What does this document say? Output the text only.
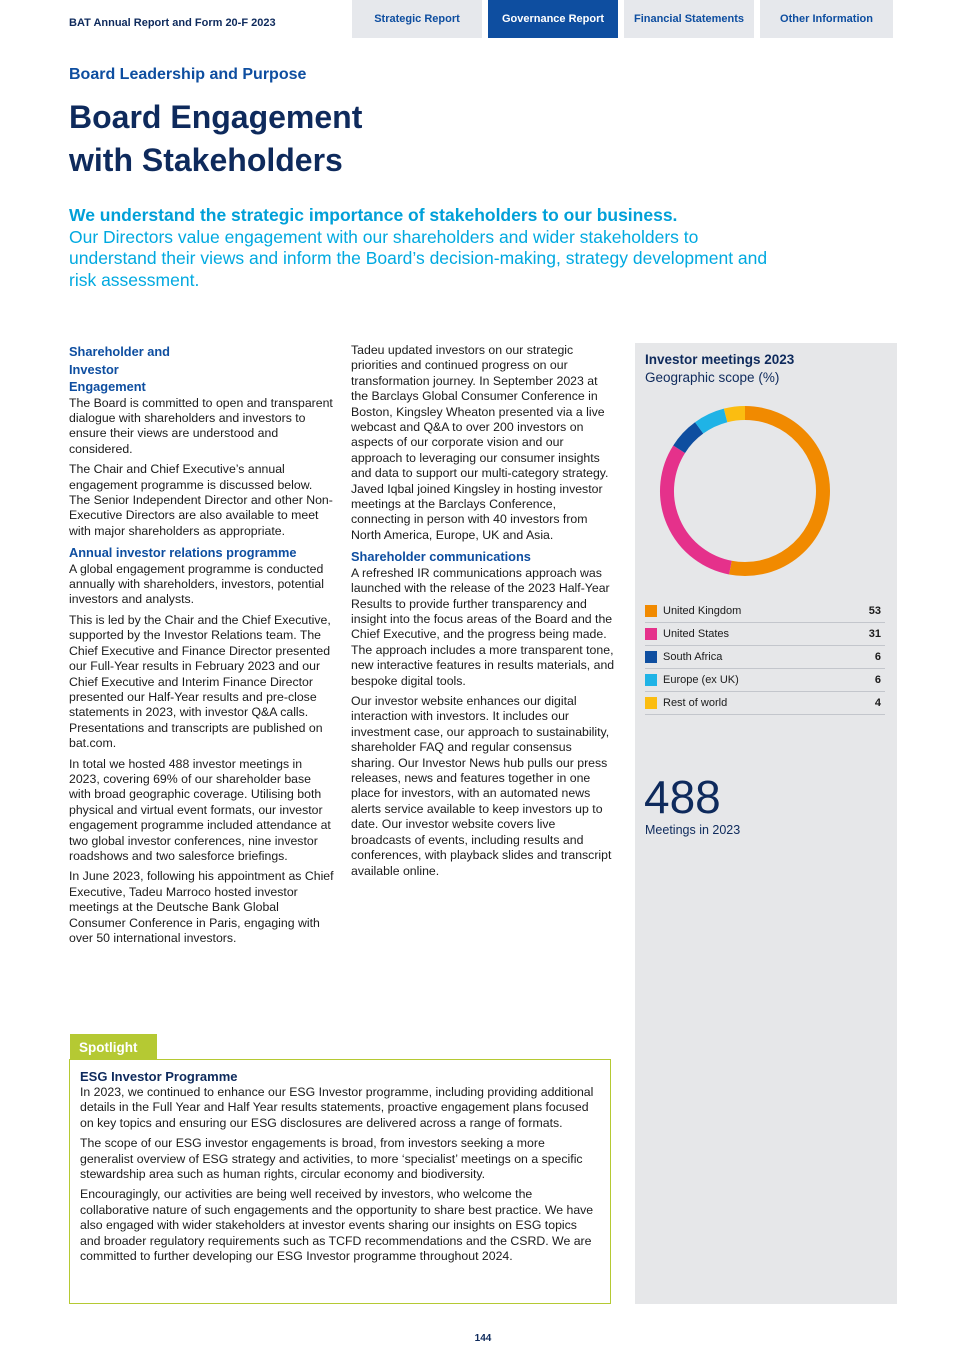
BAT Annual Report and Form 20-F 2023	Strategic Report	Governance Report	Financial Statements	Other Information
Board Leadership and Purpose
Board Engagement
with Stakeholders
We understand the strategic importance of stakeholders to our business.
Our Directors value engagement with our shareholders and wider stakeholders to understand their views and inform the Board’s decision-making, strategy development and risk assessment.
Shareholder and Investor Engagement

The Board is committed to open and transparent dialogue with shareholders and investors to ensure their views are understood and considered.

The Chair and Chief Executive’s annual engagement programme is discussed below. The Senior Independent Director and other Non-Executive Directors are also available to meet with major shareholders as appropriate.

Annual investor relations programme

A global engagement programme is conducted annually with shareholders, investors, potential investors and analysts.

This is led by the Chair and the Chief Executive, supported by the Investor Relations team. The Chief Executive and Finance Director presented our Full-Year results in February 2023 and our Chief Executive and Interim Finance Director presented our Half-Year results and pre-close statements in 2023, with investor Q&A calls. Presentations and transcripts are published on bat.com.

In total we hosted 488 investor meetings in 2023, covering 69% of our shareholder base with broad geographic coverage. Utilising both physical and virtual event formats, our investor engagement programme included attendance at two global investor conferences, nine investor roadshows and two salesforce briefings.

In June 2023, following his appointment as Chief Executive, Tadeu Marroco hosted investor meetings at the Deutsche Bank Global Consumer Conference in Paris, engaging with over 50 international investors.

Tadeu updated investors on our strategic priorities and continued progress on our transformation journey. In September 2023 at the Barclays Global Consumer Conference in Boston, Kingsley Wheaton presented via a live webcast and Q&A to over 200 investors on aspects of our corporate vision and our approach to leveraging our consumer insights and data to support our multi-category strategy. Javed Iqbal joined Kingsley in hosting investor meetings at the Barclays Conference, connecting in person with 40 investors from North America, Europe, UK and Asia.

Shareholder communications

A refreshed IR communications approach was launched with the release of the 2023 Half-Year Results to provide further transparency and insight into the focus areas of the Board and the Chief Executive, and the progress being made. The approach includes a more transparent tone, new interactive features in results materials, and bespoke digital tools.

Our investor website enhances our digital interaction with investors. It includes our investment case, our approach to sustainability, shareholder FAQ and regular consensus sharing. Our Investor News hub pulls our press releases, news and features together in one place for investors, with an automated news alerts service available to keep investors up to date. Our investor website covers live broadcasts of events, including results and conferences, with playback slides and transcript available online.

Investor meetings 2023
Geographic scope (%)
United Kingdom	53
United States	31
South Africa	6
Europe (ex UK)	6
Rest of world	4
488
Meetings in 2023
Spotlight
ESG Investor Programme

In 2023, we continued to enhance our ESG Investor programme, including providing additional details in the Full Year and Half Year results statements, proactive engagement plans focused on key topics and ensuring our ESG disclosures are delivered across a range of formats.

The scope of our ESG investor engagements is broad, from investors seeking a more generalist overview of ESG strategy and activities, to more ‘specialist’ meetings on a specific stewardship area such as human rights, circular economy and biodiversity.

Encouragingly, our activities are being well received by investors, who welcome the collaborative nature of such engagements and the opportunity to share best practice. We have also engaged with wider stakeholders at investor events sharing our insights on ESG topics and broader regulatory requirements such as TCFD recommendations and the CSRD. We are committed to further developing our ESG Investor programme throughout 2024.

144
